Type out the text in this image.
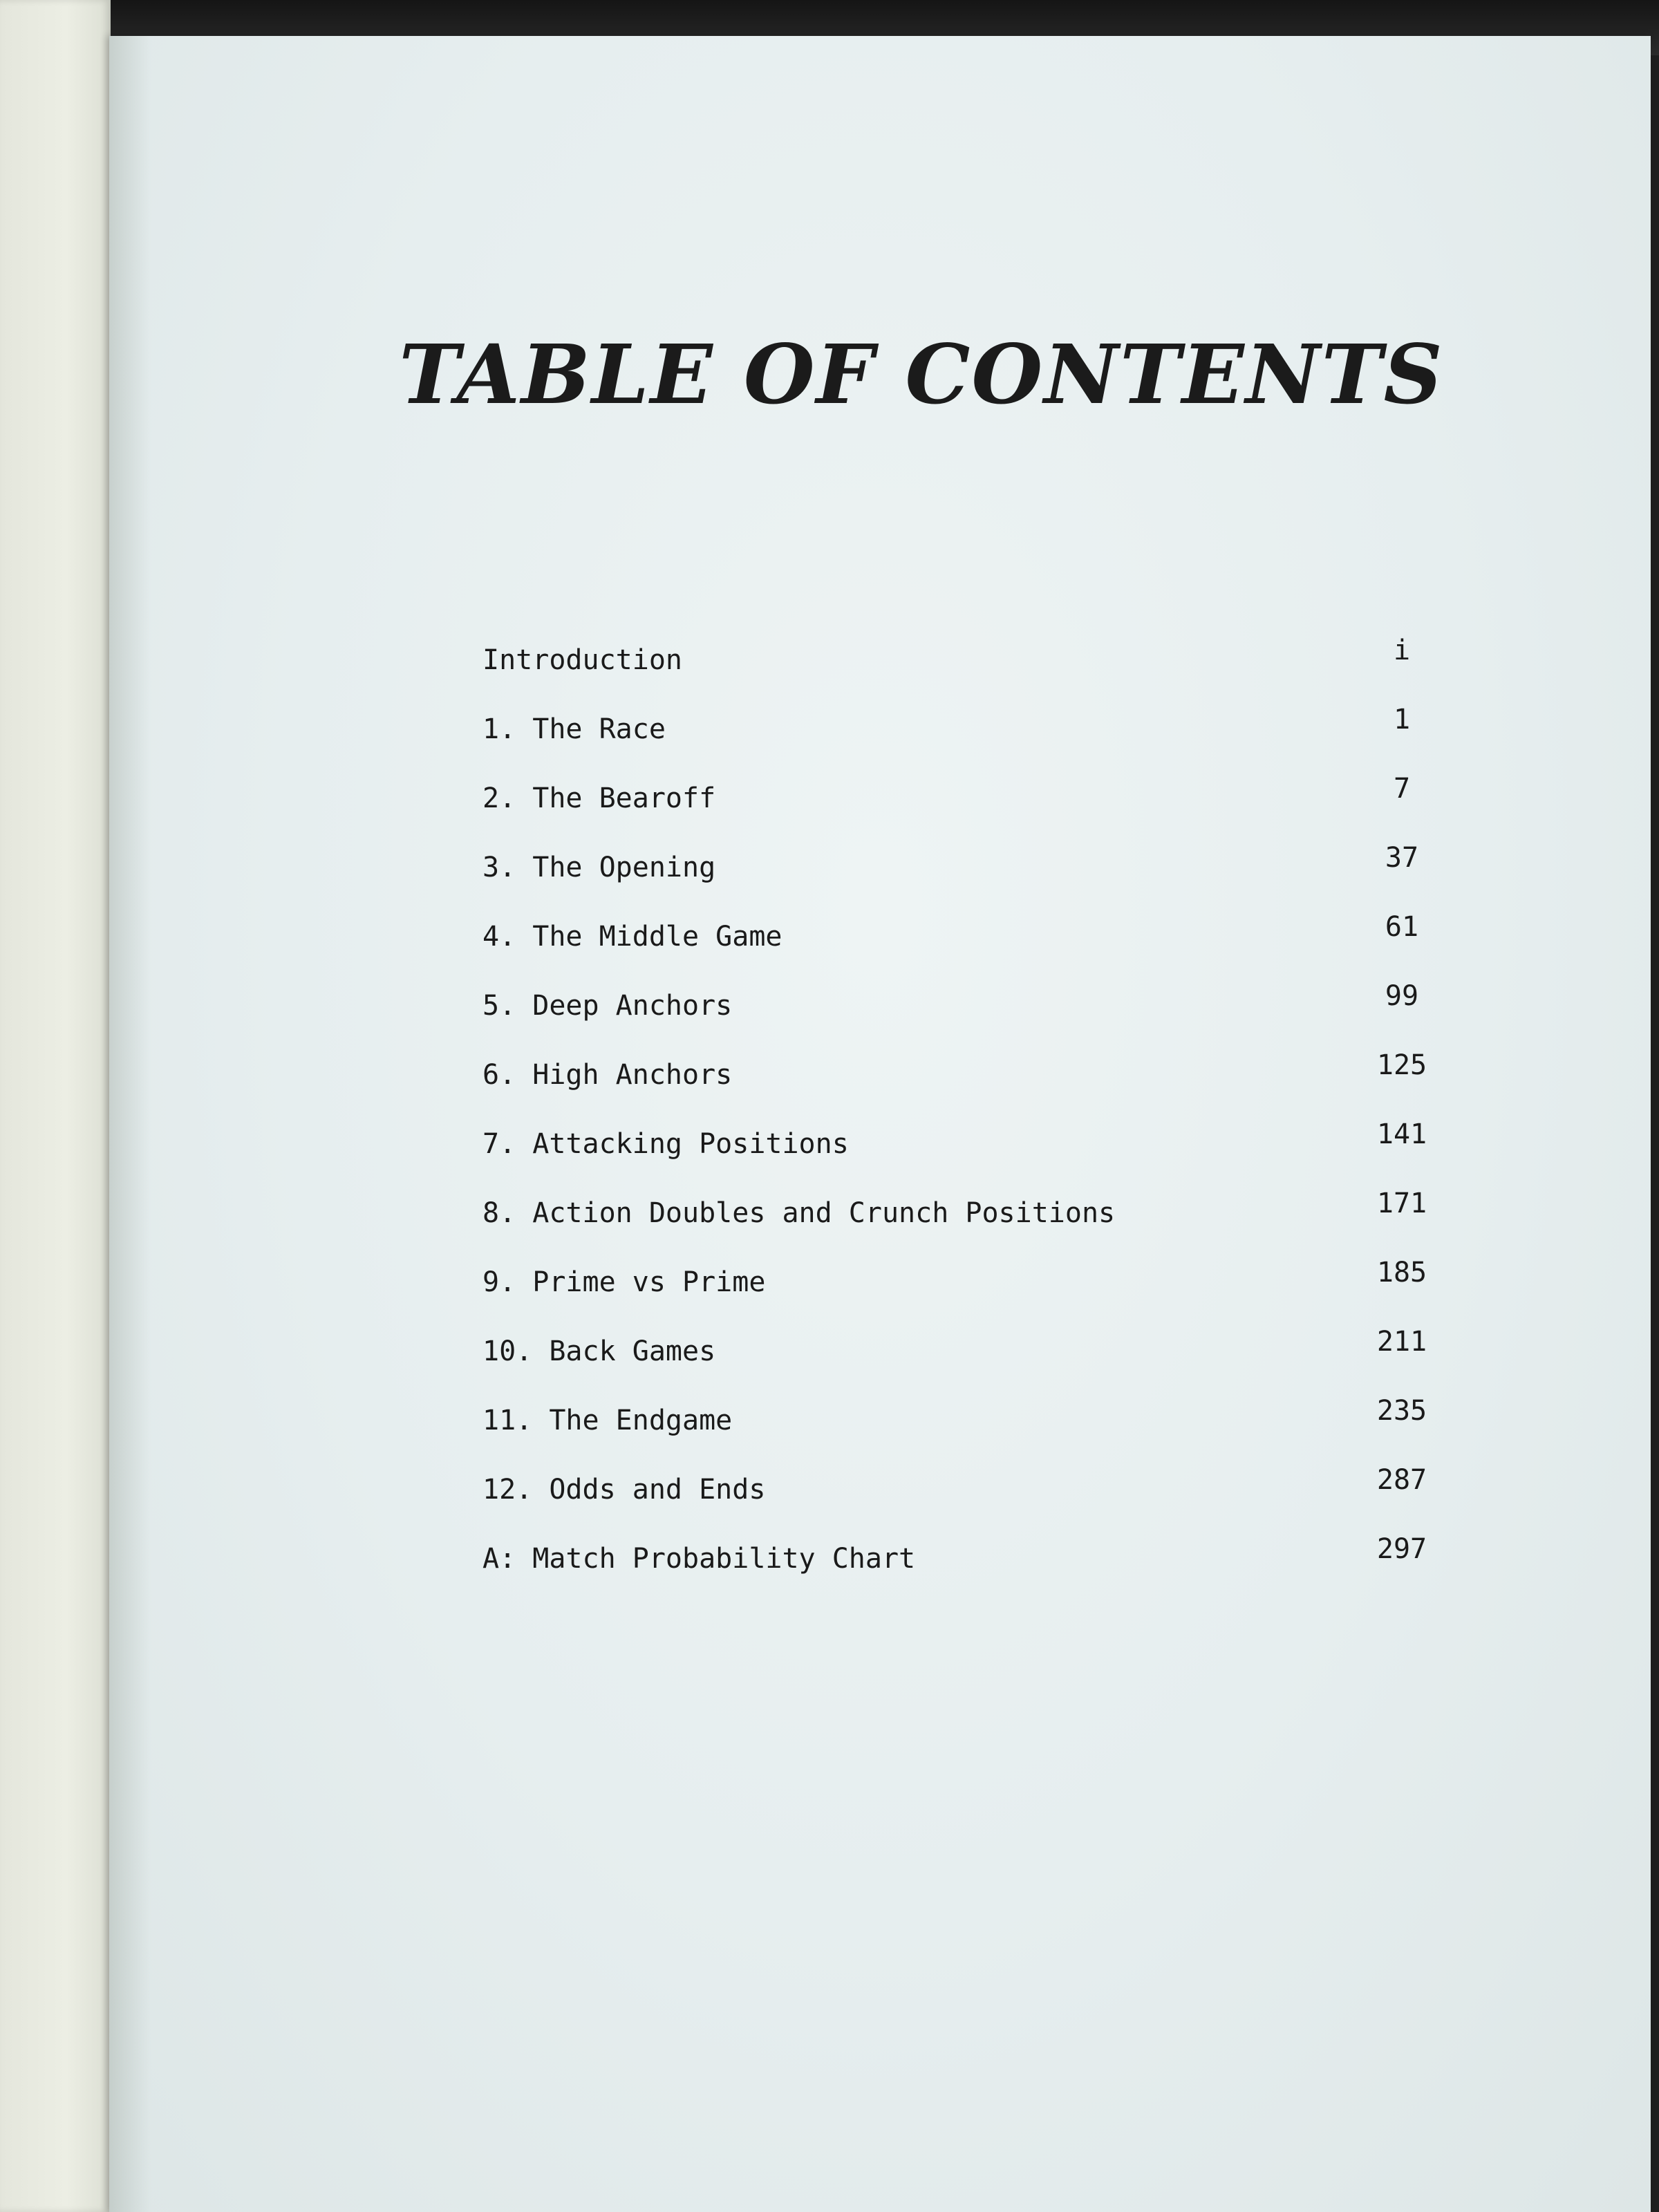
TABLE OF CONTENTS
Introduction	i
1. The Race	1
2. The Bearoff	7
3. The Opening	37
4. The Middle Game	61
5. Deep Anchors	99
6. High Anchors	125
7. Attacking Positions	141
8. Action Doubles and Crunch Positions	171
9. Prime vs Prime	185
10. Back Games	211
11. The Endgame	235
12. Odds and Ends	287
A: Match Probability Chart	297
